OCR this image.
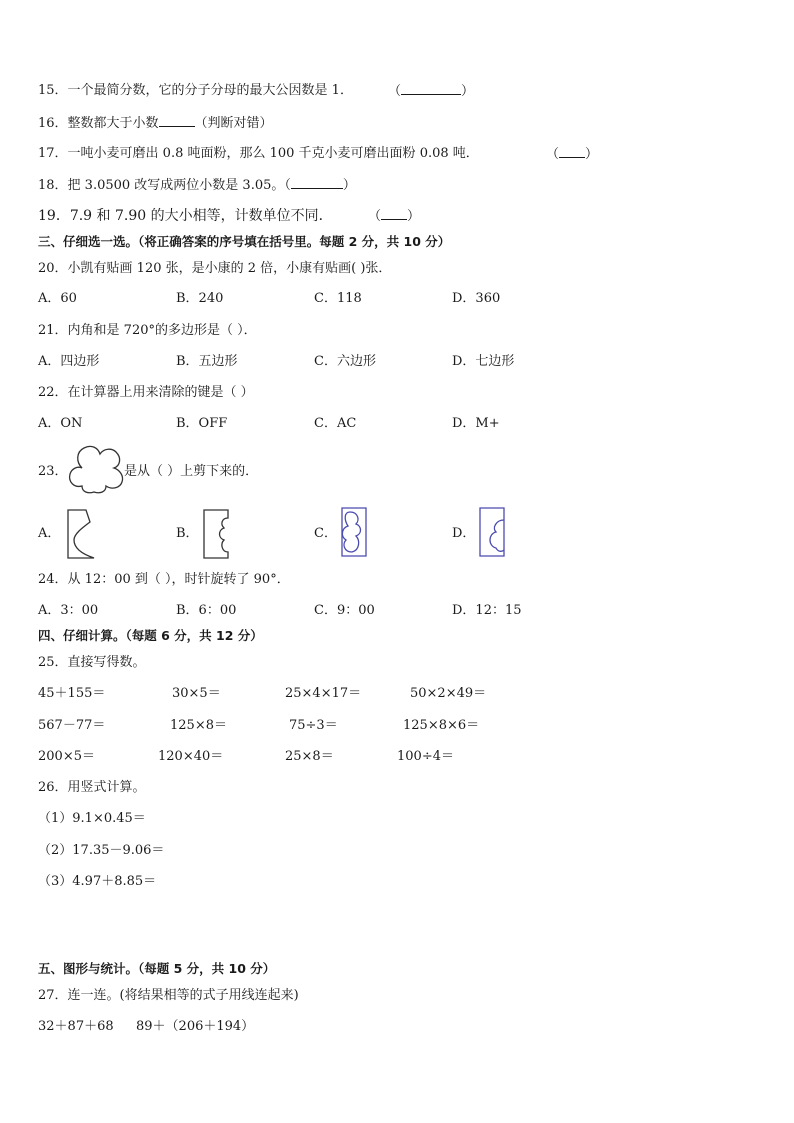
15．一个最简分数，它的分子分母的最大公因数是 1．	（	）
16．整数都大于小数	（判断对错）
17．一吨小麦可磨出 0.8 吨面粉，那么 100 千克小麦可磨出面粉 0.08 吨．	（ ）
18．把 3.0500 改写成两位小数是 3.05。（	）
19．7.9 和 7.90 的大小相等，计数单位不同．	（ ）
三、仔细选一选。（将正确答案的序号填在括号里。每题 2 分，共 10 分）
20．小凯有贴画 120 张，是小康的 2 倍，小康有贴画( )张．
A．60	B．240	C．118	D．360
21．内角和是 720°的多边形是（ ）．
A．四边形	B．五边形	C．六边形	D．七边形
22．在计算器上用来清除的键是（ ）
A．ON	B．OFF	C．AC	D．M+
23．	是从（ ）上剪下来的．
A．	B．	C．	D．
24．从 12：00 到（ ），时针旋转了 90°．
A．3：00	B．6：00	C．9：00	D．12：15
四、仔细计算。（每题 6 分，共 12 分）
25．直接写得数。
45＋155＝	30×5＝	25×4×17＝	50×2×49＝
567－77＝	125×8＝	75÷3＝	125×8×6＝
200×5＝	120×40＝	25×8＝	100÷4＝
26．用竖式计算。
（1）9.1×0.45＝
（2）17.35－9.06＝
（3）4.97＋8.85＝
五、图形与统计。（每题 5 分，共 10 分）
27．连一连。(将结果相等的式子用线连起来)
32＋87＋68 89＋（206＋194）
